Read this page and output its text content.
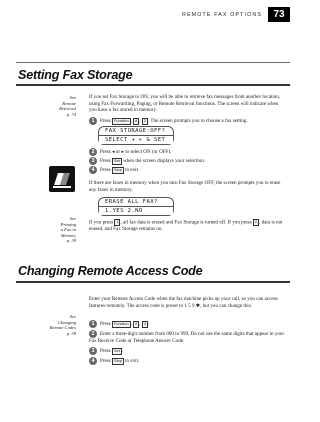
REMOTE FAX OPTIONS	73
Setting Fax Storage
See
Remote
Retrieval
p. 74
If you set Fax Storage to ON, you will be able to retrieve fax messages from another location, using Fax Forwarding, Paging, or Remote Retrieval functions. The screen will indicate when you have a fax stored in memory.
1 Press Function , 8 , 2 . The screen prompts you to choose a fax setting.
FAX STORAGE:OFF?
SELECT ◂ ▸ & SET
2 Press ◂ or ▸ to select ON (or OFF).
3 Press Set when the screen displays your selection.
4 Press Stop to exit.
If there are faxes in memory when you turn Fax Storage OFF, the screen prompts you to erase any faxes in memory.
ERASE ALL FAX?
1.YES 2.NO
See
Printing
a Fax in
Memory
p. 39
If you press 1 , all fax data is erased and Fax Storage is turned off. If you press 2 , data is not erased, and Fax Storage remains on.
Changing Remote Access Code
Enter your Remote Access Code when the fax machine picks up your call, so you can access features remotely. The access code is preset to 1 5 9 ✱, but you can change this.
See
Changing
Remote Codes
p. 39
1 Press Function , 8 , 3 .
2 Enter a three-digit number from 000 to 999. Do not use the same digits that appear in your Fax Receive Code or Telephone Answer Code.
3 Press Set .
4 Press Stop to exit.
